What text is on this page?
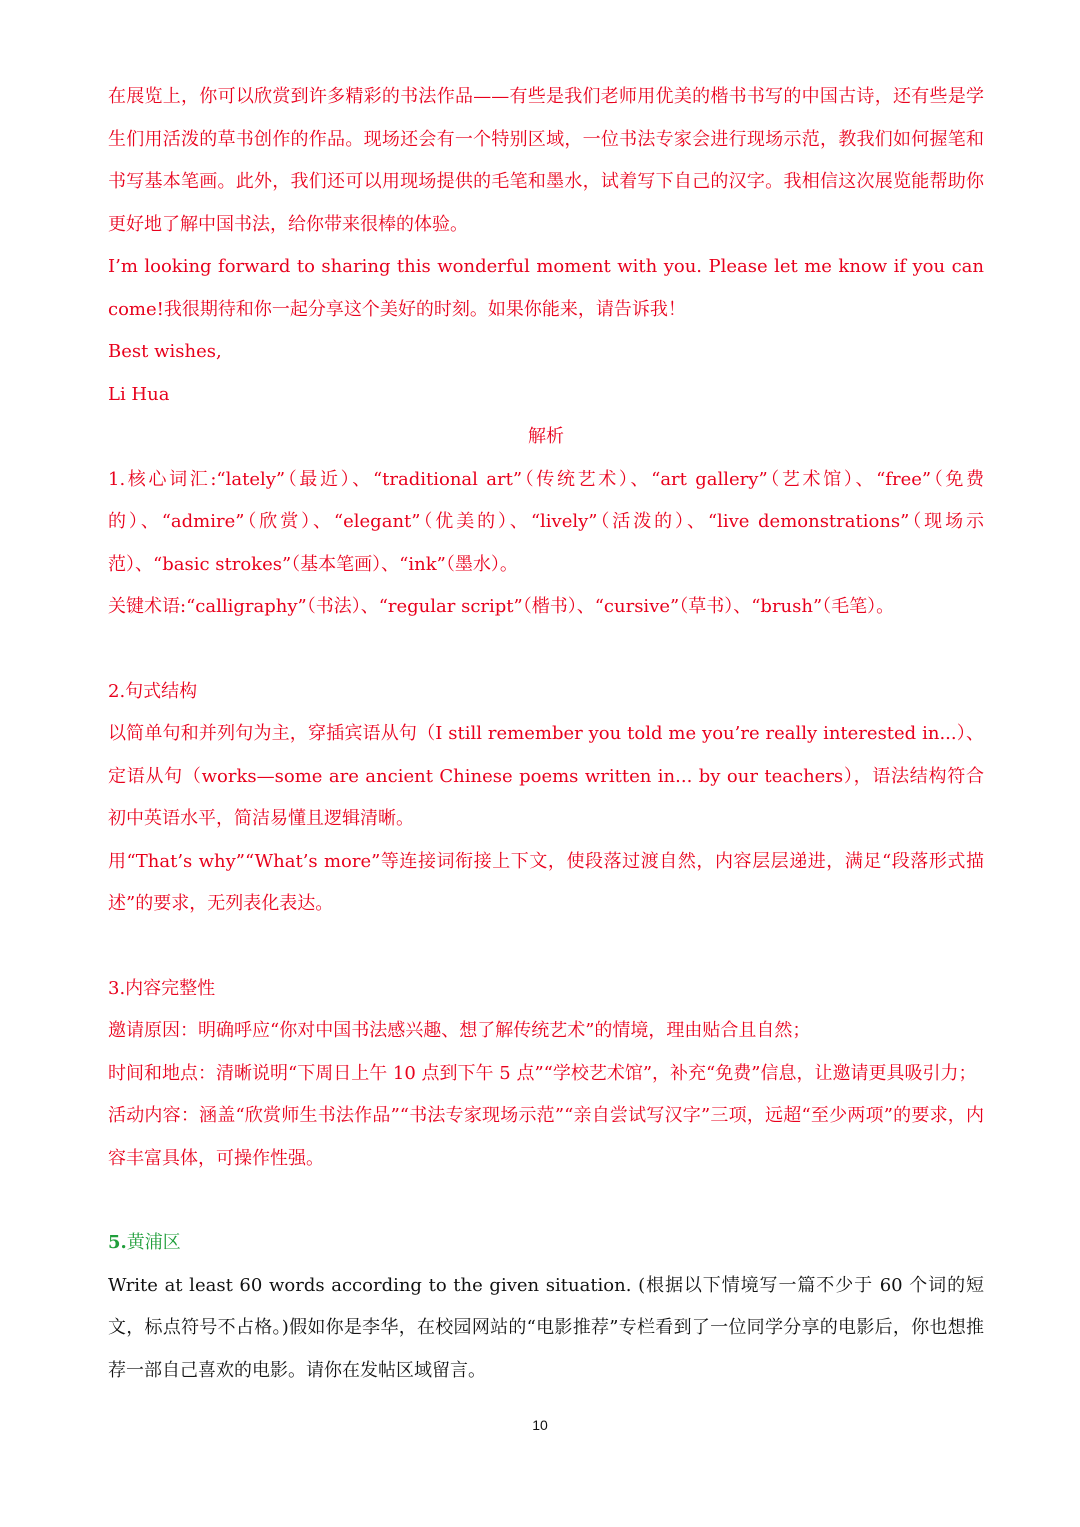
在展览上，你可以欣赏到许多精彩的书法作品——有些是我们老师用优美的楷书书写的中国古诗，还有些是学生们用活泼的草书创作的作品。现场还会有一个特别区域，一位书法专家会进行现场示范，教我们如何握笔和书写基本笔画。此外，我们还可以用现场提供的毛笔和墨水，试着写下自己的汉字。我相信这次展览能帮助你更好地了解中国书法，给你带来很棒的体验。

I’m looking forward to sharing this wonderful moment with you. Please let me know if you can come!我很期待和你一起分享这个美好的时刻。如果你能来，请告诉我！

Best wishes,

Li Hua

解析

1.核心词汇:“lately”（最近）、“traditional art”（传统艺术）、“art gallery”（艺术馆）、“free”（免费的）、“admire”（欣赏）、“elegant”（优美的）、“lively”（活泼的）、“live demonstrations”（现场示范）、“basic strokes”（基本笔画）、“ink”（墨水）。

关键术语:“calligraphy”（书法）、“regular script”（楷书）、“cursive”（草书）、“brush”（毛笔）。

2.句式结构

以简单句和并列句为主，穿插宾语从句（I still remember you told me you’re really interested in...）、定语从句（works—some are ancient Chinese poems written in... by our teachers），语法结构符合初中英语水平，简洁易懂且逻辑清晰。

用“That’s why”“What’s more”等连接词衔接上下文，使段落过渡自然，内容层层递进，满足“段落形式描述”的要求，无列表化表达。

3.内容完整性

邀请原因：明确呼应“你对中国书法感兴趣、想了解传统艺术”的情境，理由贴合且自然；

时间和地点：清晰说明“下周日上午 10 点到下午 5 点”“学校艺术馆”，补充“免费”信息，让邀请更具吸引力；

活动内容：涵盖“欣赏师生书法作品”“书法专家现场示范”“亲自尝试写汉字”三项，远超“至少两项”的要求，内容丰富具体，可操作性强。

5.黄浦区

Write at least 60 words according to the given situation. (根据以下情境写一篇不少于 60 个词的短文，标点符号不占格。)假如你是李华，在校园网站的“电影推荐”专栏看到了一位同学分享的电影后，你也想推荐一部自己喜欢的电影。请你在发帖区域留言。

10
